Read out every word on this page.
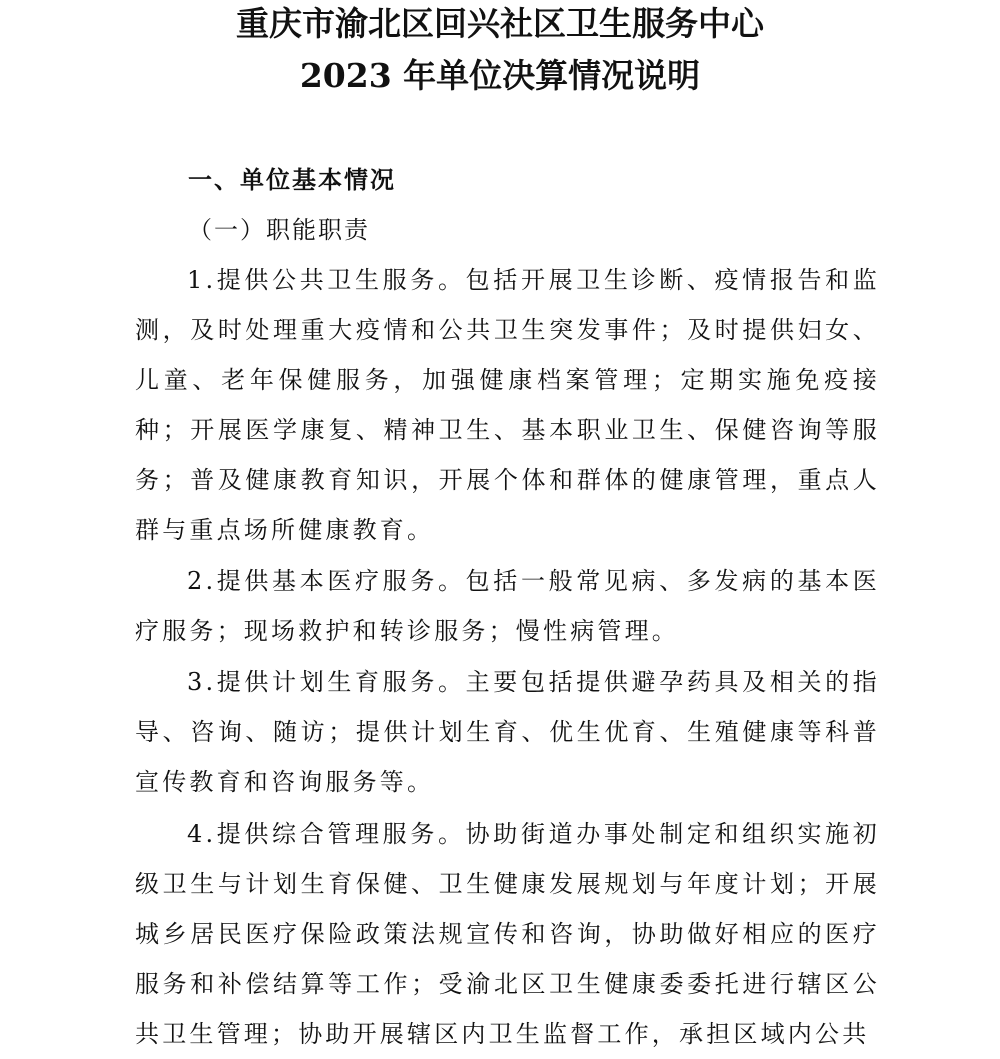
重庆市渝北区回兴社区卫生服务中心
2023 年单位决算情况说明
一、单位基本情况
（一）职能职责

1.提供公共卫生服务。包括开展卫生诊断、疫情报告和监测，及时处理重大疫情和公共卫生突发事件；及时提供妇女、儿童、老年保健服务，加强健康档案管理；定期实施免疫接种；开展医学康复、精神卫生、基本职业卫生、保健咨询等服务；普及健康教育知识，开展个体和群体的健康管理，重点人群与重点场所健康教育。

2.提供基本医疗服务。包括一般常见病、多发病的基本医疗服务；现场救护和转诊服务；慢性病管理。

3.提供计划生育服务。主要包括提供避孕药具及相关的指导、咨询、随访；提供计划生育、优生优育、生殖健康等科普宣传教育和咨询服务等。

4.提供综合管理服务。协助街道办事处制定和组织实施初级卫生与计划生育保健、卫生健康发展规划与年度计划；开展城乡居民医疗保险政策法规宣传和咨询，协助做好相应的医疗服务和补偿结算等工作；受渝北区卫生健康委委托进行辖区公共卫生管理；协助开展辖区内卫生监督工作，承担区域内公共
